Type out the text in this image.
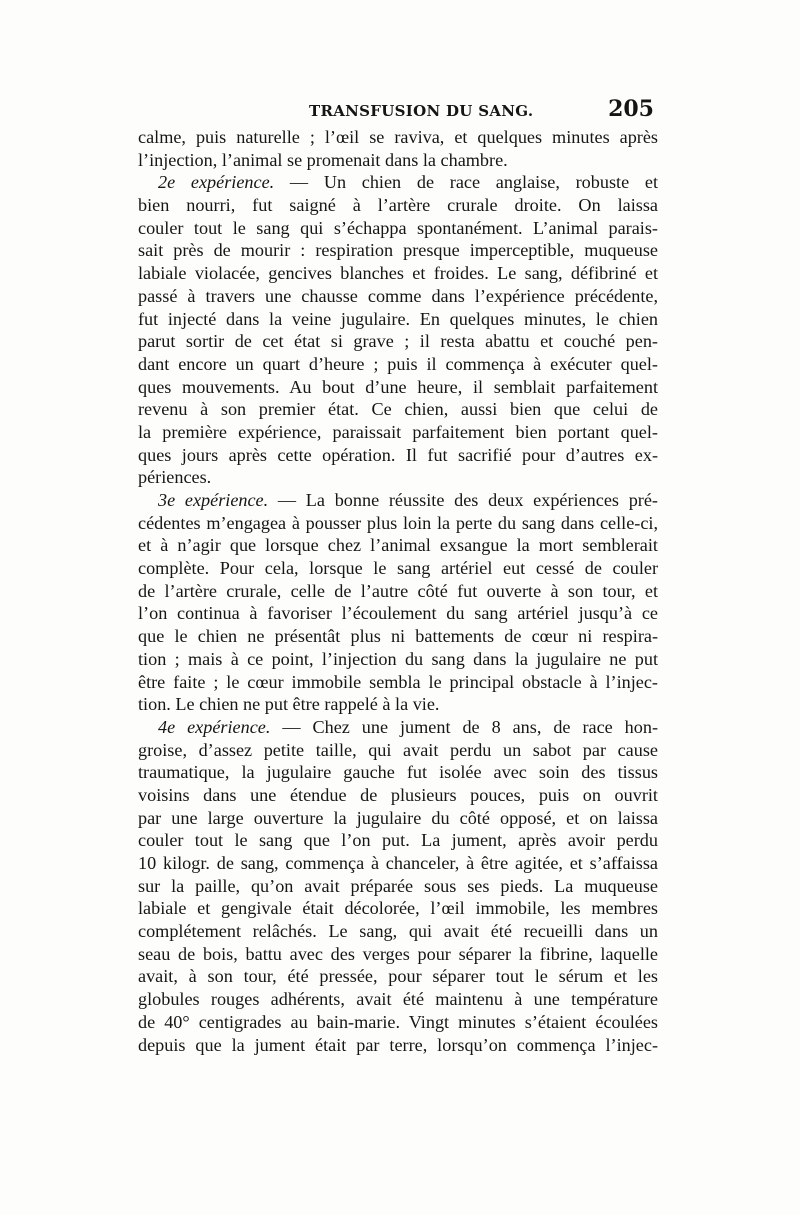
TRANSFUSION DU SANG.	205
calme, puis naturelle ; l’œil se raviva, et quelques minutes après
l’injection, l’animal se promenait dans la chambre.
2e expérience. — Un chien de race anglaise, robuste et
bien nourri, fut saigné à l’artère crurale droite. On laissa
couler tout le sang qui s’échappa spontanément. L’animal parais-
sait près de mourir : respiration presque imperceptible, muqueuse
labiale violacée, gencives blanches et froides. Le sang, défibriné et
passé à travers une chausse comme dans l’expérience précédente,
fut injecté dans la veine jugulaire. En quelques minutes, le chien
parut sortir de cet état si grave ; il resta abattu et couché pen-
dant encore un quart d’heure ; puis il commença à exécuter quel-
ques mouvements. Au bout d’une heure, il semblait parfaitement
revenu à son premier état. Ce chien, aussi bien que celui de
la première expérience, paraissait parfaitement bien portant quel-
ques jours après cette opération. Il fut sacrifié pour d’autres ex-
périences.
3e expérience. — La bonne réussite des deux expériences pré-
cédentes m’engagea à pousser plus loin la perte du sang dans celle-ci,
et à n’agir que lorsque chez l’animal exsangue la mort semblerait
complète. Pour cela, lorsque le sang artériel eut cessé de couler
de l’artère crurale, celle de l’autre côté fut ouverte à son tour, et
l’on continua à favoriser l’écoulement du sang artériel jusqu’à ce
que le chien ne présentât plus ni battements de cœur ni respira-
tion ; mais à ce point, l’injection du sang dans la jugulaire ne put
être faite ; le cœur immobile sembla le principal obstacle à l’injec-
tion. Le chien ne put être rappelé à la vie.
4e expérience. — Chez une jument de 8 ans, de race hon-
groise, d’assez petite taille, qui avait perdu un sabot par cause
traumatique, la jugulaire gauche fut isolée avec soin des tissus
voisins dans une étendue de plusieurs pouces, puis on ouvrit
par une large ouverture la jugulaire du côté opposé, et on laissa
couler tout le sang que l’on put. La jument, après avoir perdu
10 kilogr. de sang, commença à chanceler, à être agitée, et s’affaissa
sur la paille, qu’on avait préparée sous ses pieds. La muqueuse
labiale et gengivale était décolorée, l’œil immobile, les membres
complétement relâchés. Le sang, qui avait été recueilli dans un
seau de bois, battu avec des verges pour séparer la fibrine, laquelle
avait, à son tour, été pressée, pour séparer tout le sérum et les
globules rouges adhérents, avait été maintenu à une température
de 40° centigrades au bain-marie. Vingt minutes s’étaient écoulées
depuis que la jument était par terre, lorsqu’on commença l’injec-
